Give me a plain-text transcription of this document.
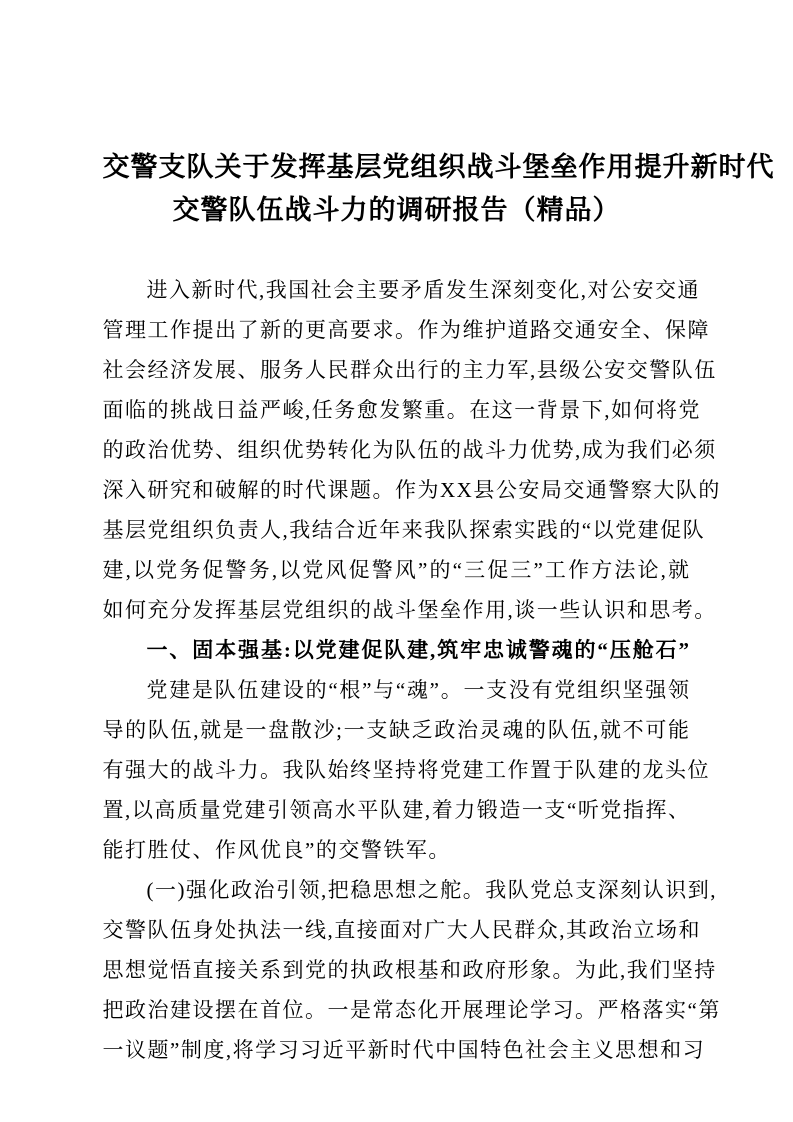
交警支队关于发挥基层党组织战斗堡垒作用提升新时代
交警队伍战斗力的调研报告（精品）
进入新时代,我国社会主要矛盾发生深刻变化,对公安交通
管理工作提出了新的更高要求。作为维护道路交通安全、保障
社会经济发展、服务人民群众出行的主力军,县级公安交警队伍
面临的挑战日益严峻,任务愈发繁重。在这一背景下,如何将党
的政治优势、组织优势转化为队伍的战斗力优势,成为我们必须
深入研究和破解的时代课题。作为XX县公安局交通警察大队的
基层党组织负责人,我结合近年来我队探索实践的“以党建促队
建,以党务促警务,以党风促警风”的“三促三”工作方法论,就
如何充分发挥基层党组织的战斗堡垒作用,谈一些认识和思考。
一、固本强基:以党建促队建,筑牢忠诚警魂的“压舱石”
党建是队伍建设的“根”与“魂”。一支没有党组织坚强领
导的队伍,就是一盘散沙;一支缺乏政治灵魂的队伍,就不可能
有强大的战斗力。我队始终坚持将党建工作置于队建的龙头位
置,以高质量党建引领高水平队建,着力锻造一支“听党指挥、
能打胜仗、作风优良”的交警铁军。
(一)强化政治引领,把稳思想之舵。我队党总支深刻认识到,
交警队伍身处执法一线,直接面对广大人民群众,其政治立场和
思想觉悟直接关系到党的执政根基和政府形象。为此,我们坚持
把政治建设摆在首位。一是常态化开展理论学习。严格落实“第
一议题”制度,将学习习近平新时代中国特色社会主义思想和习
